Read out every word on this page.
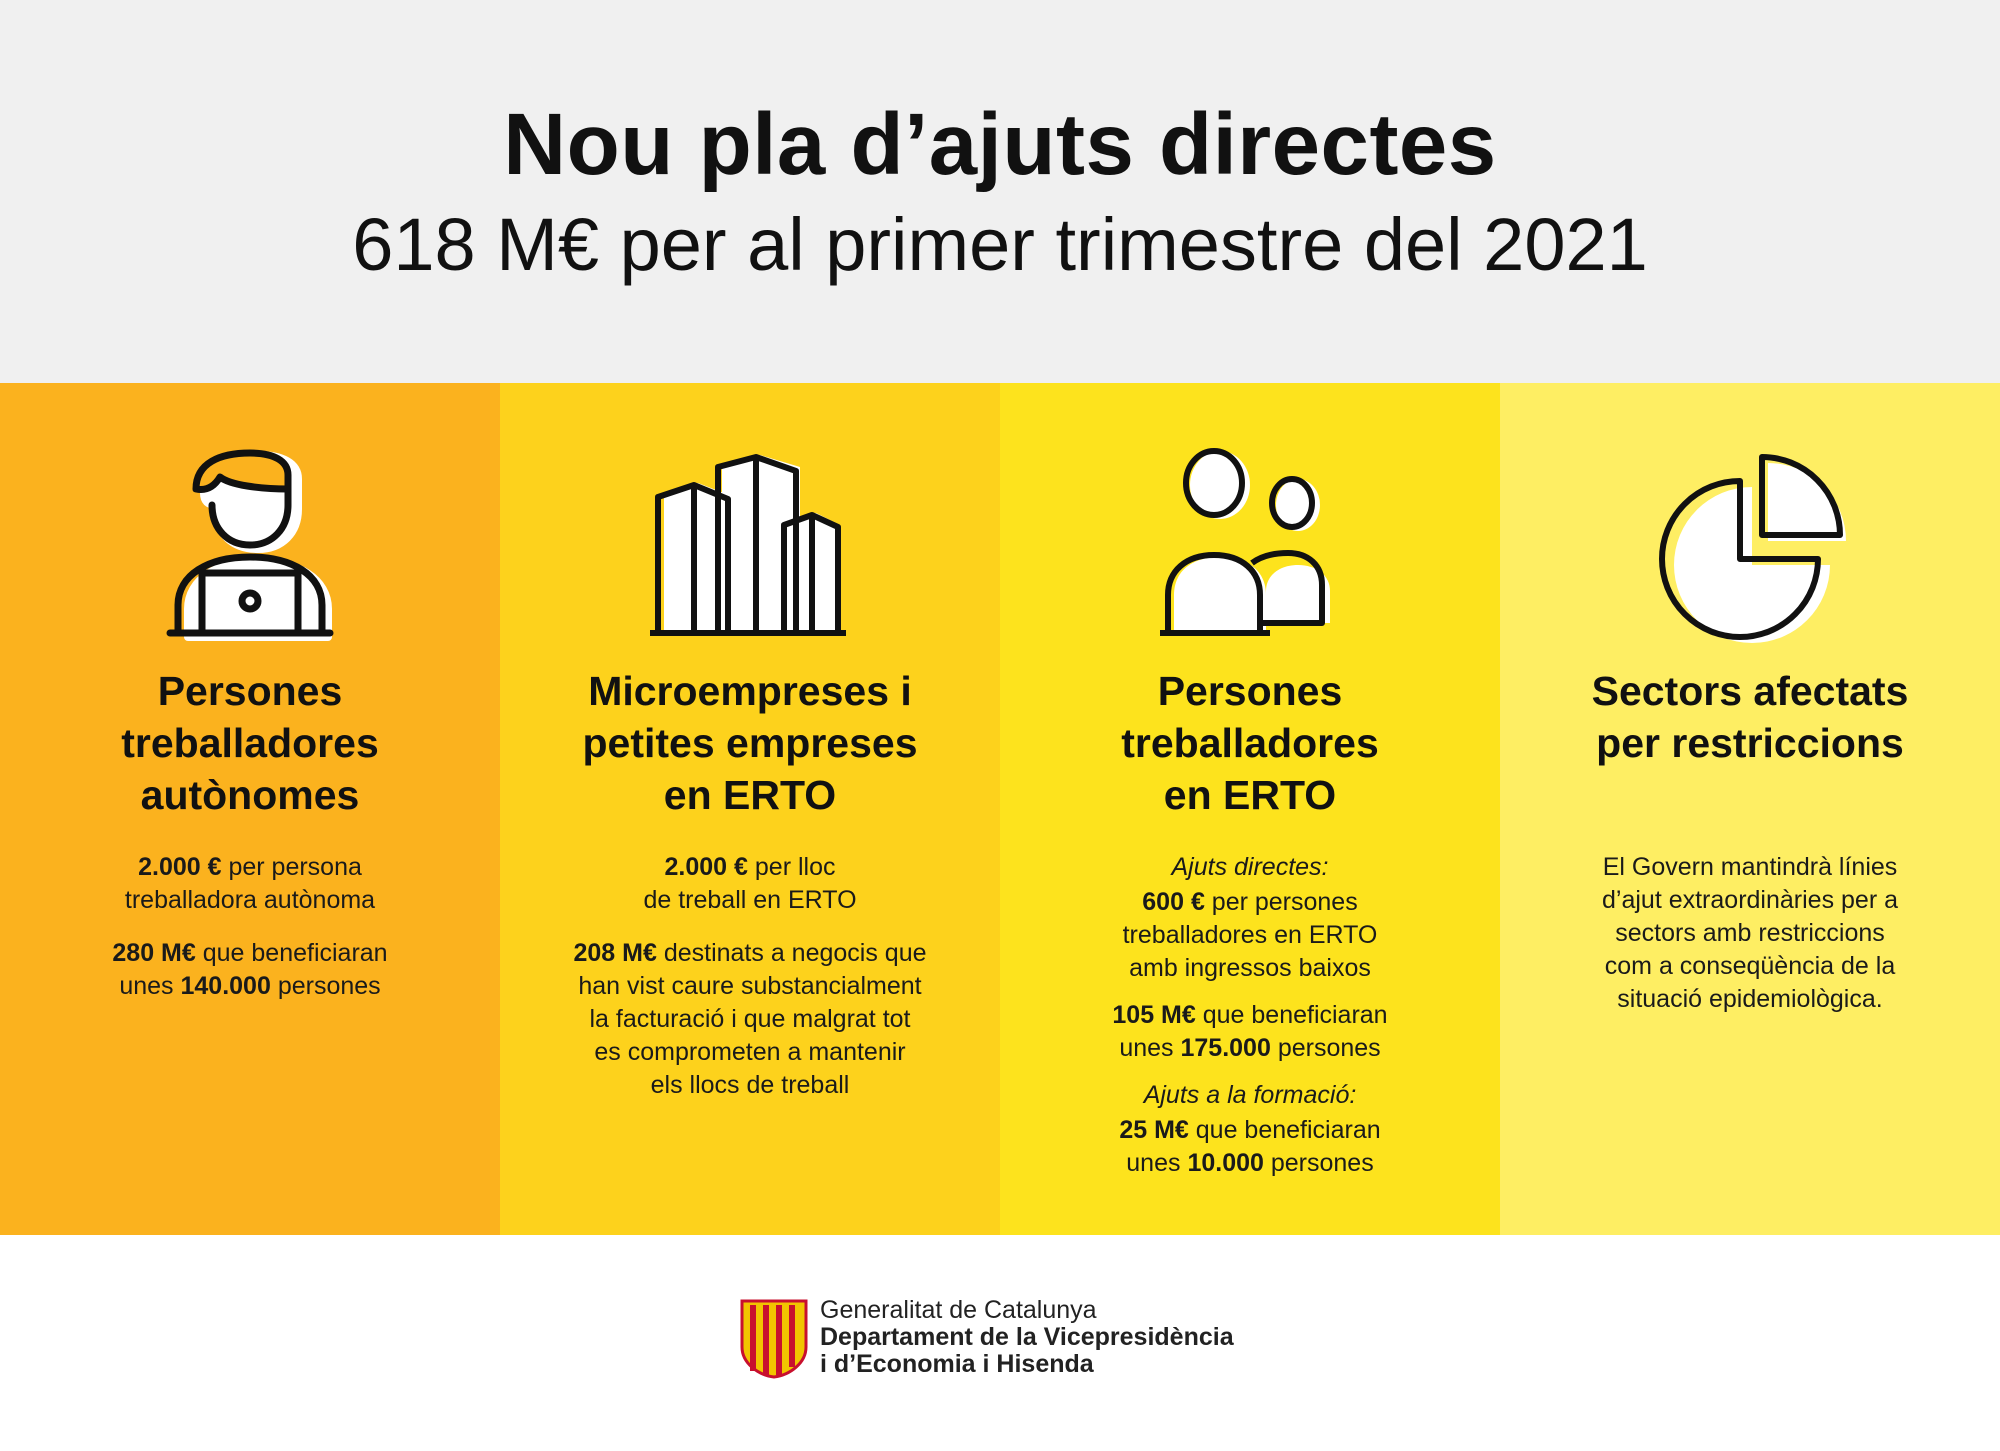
Nou pla d’ajuts directes
618 M€ per al primer trimestre del 2021
Persones
treballadores
autònomes

2.000 € per persona
treballadora autònoma

280 M€ que beneficiaran
unes 140.000 persones

Microempreses i
petites empreses
en ERTO

2.000 € per lloc
de treball en ERTO

208 M€ destinats a negocis que
han vist caure substancialment
la facturació i que malgrat tot
es comprometen a mantenir
els llocs de treball

Persones
treballadores
en ERTO

Ajuts directes:

600 € per persones
treballadores en ERTO
amb ingressos baixos

105 M€ que beneficiaran
unes 175.000 persones

Ajuts a la formació:

25 M€ que beneficiaran
unes 10.000 persones

Sectors afectats
per restriccions

El Govern mantindrà línies
d’ajut extraordinàries per a
sectors amb restriccions
com a conseqüència de la
situació epidemiològica.

Generalitat de Catalunya
Departament de la Vicepresidència
i d’Economia i Hisenda
